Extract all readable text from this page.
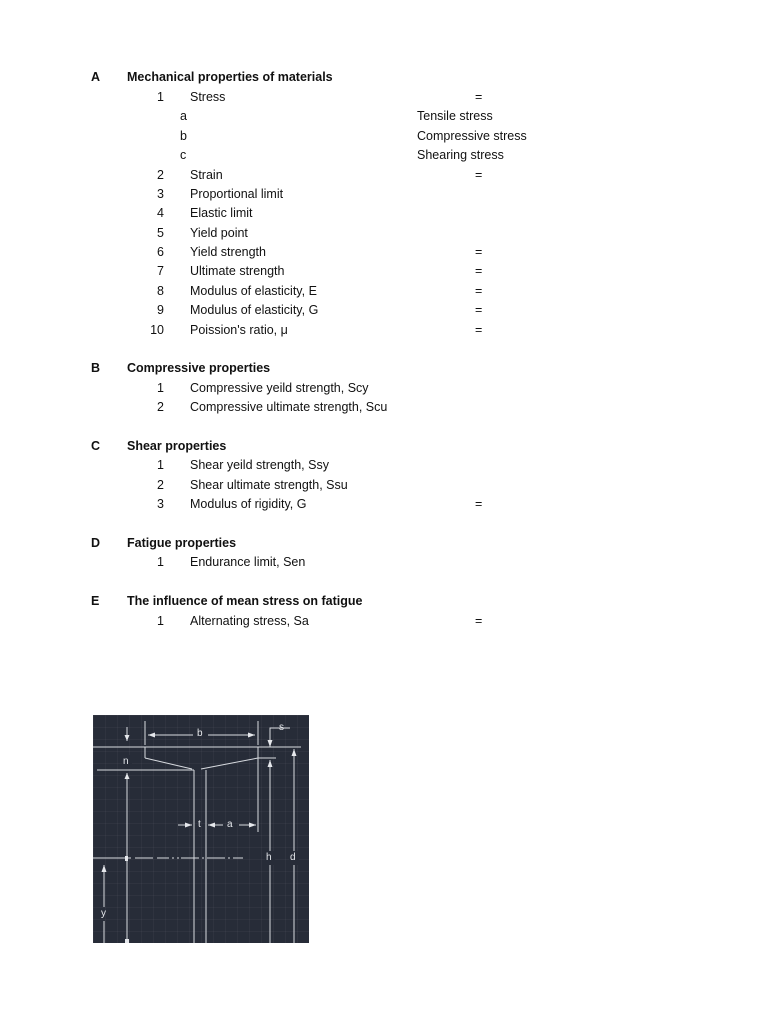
A Mechanical properties of materials
1 Stress	=
a	Tensile stress
b	Compressive stress
c	Shearing stress
2 Strain	=
3 Proportional limit
4 Elastic limit
5 Yield point
6 Yield strength	=
7 Ultimate strength	=
8 Modulus of elasticity, E	=
9 Modulus of elasticity, G	=
10 Poission's ratio, μ	=
B Compressive properties
1 Compressive yeild strength, Scy
2 Compressive ultimate strength, Scu
C Shear properties
1 Shear yeild strength, Ssy
2 Shear ultimate strength, Ssu
3 Modulus of rigidity, G	=
D Fatigue properties
1 Endurance limit, Sen
E The influence of mean stress on fatigue
1 Alternating stress, Sa	=
b
s
n
t	a
h d
y
